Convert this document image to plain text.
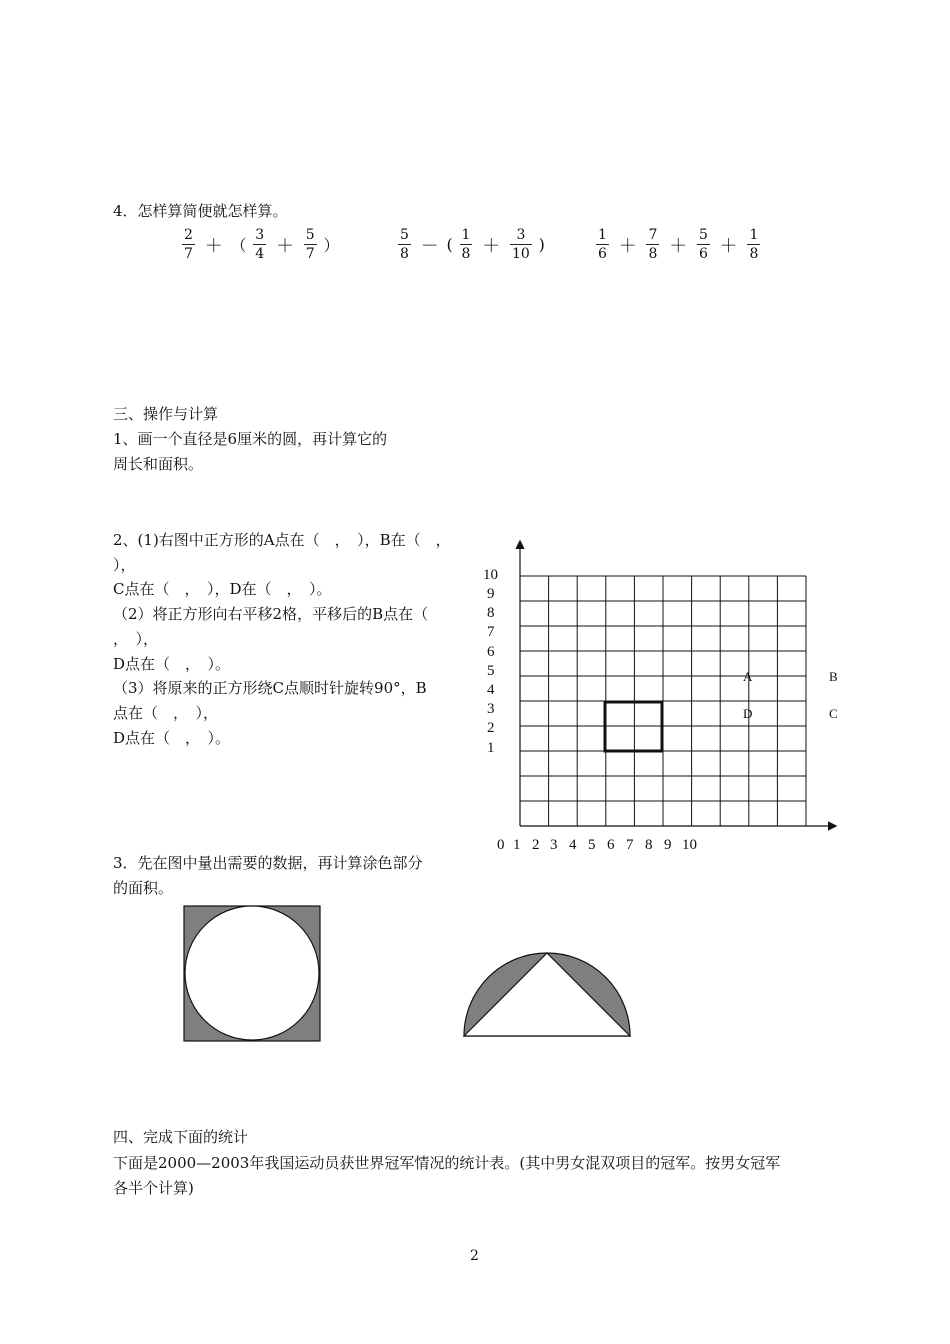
4．怎样算简便就怎样算。
$\frac{2}{7}$ ＋ （ $\frac{3}{4} + \frac{5}{7}$ ）	$\frac{5}{8}$ － ( $\frac{1}{8} + \frac{3}{10}$ )	$\frac{1}{6} + \frac{7}{8} + \frac{5}{6} + \frac{1}{8}$
三、操作与计算
1、画一个直径是6厘米的圆，再计算它的
周长和面积。
2、(1)右图中正方形的A点在（　，　），B在（　，
），
C点在（　，　），D在（　，　）。
（2）将正方形向右平移2格，平移后的B点在（
，　），
D点在（　，　）。
（3）将原来的正方形绕C点顺时针旋转90°，B
点在（　，　），
D点在（　，　）。
10
9
8
7
6
5
4
3
2
1
0 1 2 3 4 5 6 7 8 9 10
A	B
C
D
3．先在图中量出需要的数据，再计算涂色部分
的面积。
四、完成下面的统计
下面是2000—2003年我国运动员获世界冠军情况的统计表。(其中男女混双项目的冠军。按男女冠军
各半个计算)
2
